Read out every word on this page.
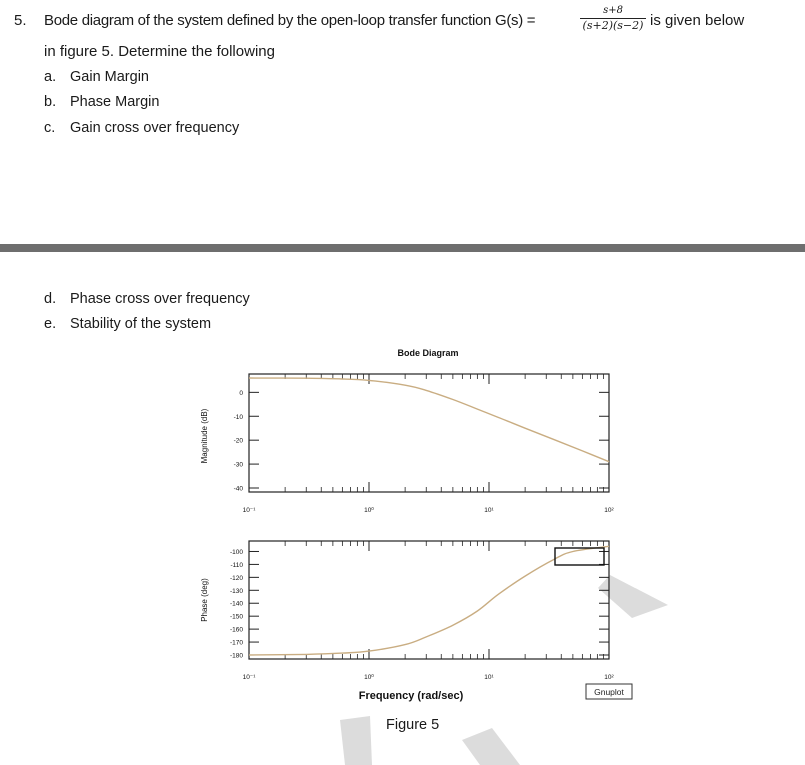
5. Bode diagram of the system defined by the open-loop transfer function G(s) =
s+8
(s+2)(s−2) is given below
in figure 5. Determine the following
a. Gain Margin
b. Phase Margin
c. Gain cross over frequency
d. Phase cross over frequency
e. Stability of the system
Bode Diagram
Magnitude (dB)
0
-10
-20
-30
-40
10⁻¹	10⁰	10¹	10²
Phase (deg)
-100
-110
-120
-130
-140
-150
-160
-170
-180
10⁻¹	10⁰	10¹	10²
Frequency (rad/sec)	Gnuplot
Figure 5
